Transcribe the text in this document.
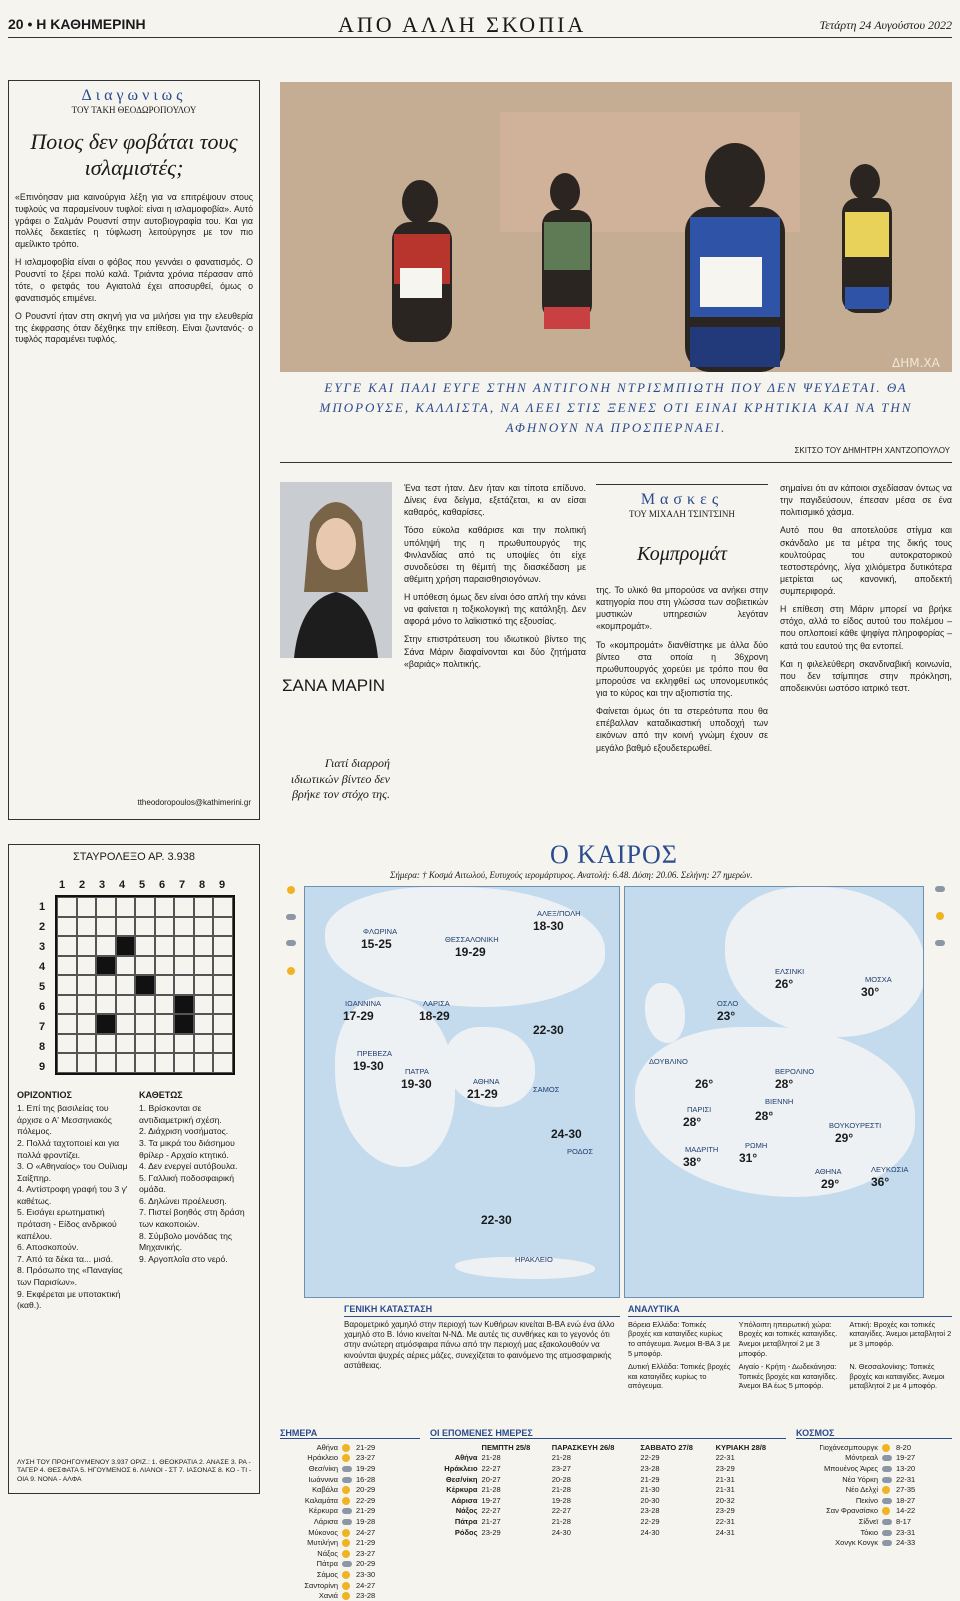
20 • Η ΚΑΘΗΜΕΡΙΝΗ	ΑΠΟ ΑΛΛΗ ΣΚΟΠΙΑ	Τετάρτη 24 Αυγούστου 2022
Διαγωνιως
ΤΟΥ ΤΑΚΗ ΘΕΟΔΩΡΟΠΟΥΛΟΥ
Ποιος δεν φοβάται τους ισλαμιστές;

«Επινόησαν μια καινούργια λέξη για να επιτρέψουν στους τυφλούς να παραμείνουν τυφλοί: είναι η ισλαμοφοβία». Αυτό γράφει ο Σαλμάν Ρουσντί στην αυτοβιογραφία του. Και για πολλές δεκαετίες η τύφλωση λειτούργησε με τον πιο αμείλικτο τρόπο.

Η ισλαμοφοβία είναι ο φόβος που γεννάει ο φανατισμός. Ο Ρουσντί το ξέρει πολύ καλά. Τριάντα χρόνια πέρασαν από τότε, ο φετφάς του Αγιατολά έχει αποσυρθεί, όμως ο φανατισμός επιμένει.

Ο Ρουσντί ήταν στη σκηνή για να μιλήσει για την ελευθερία της έκφρασης όταν δέχθηκε την επίθεση. Είναι ζωντανός· ο τυφλός παραμένει τυφλός.

ttheodoropoulos@kathimerini.gr
ΔΗΜ.ΧΑ
ΕΥΓΕ ΚΑΙ ΠΑΛΙ ΕΥΓΕ ΣΤΗΝ ΑΝΤΙΓΟΝΗ ΝΤΡΙΣΜΠΙΩΤΗ ΠΟΥ ΔΕΝ ΨΕΥΔΕΤΑΙ. ΘΑ ΜΠΟΡΟΥΣΕ, ΚΑΛΛΙΣΤΑ, ΝΑ ΛΕΕΙ ΣΤΙΣ ΞΕΝΕΣ ΟΤΙ ΕΙΝΑΙ ΚΡΗΤΙΚΙΑ ΚΑΙ ΝΑ ΤΗΝ ΑΦΗΝΟΥΝ ΝΑ ΠΡΟΣΠΕΡΝΑΕΙ.
ΣΚΙΤΣΟ ΤΟΥ ΔΗΜΗΤΡΗ ΧΑΝΤΖΟΠΟΥΛΟΥ
ΣΑΝΑ ΜΑΡΙΝ
Γιατί διαρροή ιδιωτικών βίντεο δεν βρήκε τον στόχο της.

Ένα τεστ ήταν. Δεν ήταν και τίποτα επίδυνο. Δίνεις ένα δείγμα, εξετάζεται, κι αν είσαι καθαρός, καθαρίσες.

Τόσο εύκολα καθάρισε και την πολιτική υπόληψή της η πρωθυπουργός της Φινλανδίας από τις υποψίες ότι είχε συνοδεύσει τη θέμιτή της διασκέδαση με αθέμιτη χρήση παραισθησιογόνων.

Η υπόθεση όμως δεν είναι όσο απλή την κάνει να φαίνεται η τοξικολογική της κατάληξη. Δεν αφορά μόνο το λαϊκιστικό της εξουσίας.

Στην επιστράτευση του ιδιωτικού βίντεο της Σάνα Μάριν διαφαίνονται και δύο ζητήματα «βαριάς» πολιτικής.

Μασκες
ΤΟΥ ΜΙΧΑΛΗ ΤΣΙΝΤΣΙΝΗ
Κομπρομάτ

της. Το υλικό θα μπορούσε να ανήκει στην κατηγορία που στη γλώσσα των σοβιετικών μυστικών υπηρεσιών λεγόταν «κομπρομάτ».

Το «κομπρομάτ» διανθίστηκε με άλλα δύο βίντεο στα οποία η 36χρονη πρωθυπουργός χορεύει με τρόπο που θα μπορούσε να εκληφθεί ως υπονομευτικός για το κύρος και την αξιοπιστία της.

Φαίνεται όμως ότι τα στερεότυπα που θα επέβαλλαν καταδικαστική υποδοχή των εικόνων από την κοινή γνώμη έχουν σε μεγάλο βαθμό εξουδετερωθεί.

σημαίνει ότι αν κάποιοι σχεδίασαν όντως να την παγιδεύσουν, έπεσαν μέσα σε ένα πολιτισμικό χάσμα.

Αυτό που θα αποτελούσε στίγμα και σκάνδαλο με τα μέτρα της δικής τους κουλτούρας του αυτοκρατορικού τεστοστερόνης, λίγα χιλιόμετρα δυτικότερα μετρίεται ως κανονική, αποδεκτή συμπεριφορά.

Η επίθεση στη Μάριν μπορεί να βρήκε στόχο, αλλά το είδος αυτού του πολέμου – που οπλοποιεί κάθε ψηφίγα πληροφορίας – κατά του εαυτού της θα εντοπεί.

Και η φιλελεύθερη σκανδιναβική κοινωνία, που δεν τσίμπησε στην πρόκληση, αποδεικνύει ωστόσο ιατρικό τεστ.

ΣΤΑΥΡΟΛΕΞΟ ΑΡ. 3.938
1 2 3 4 5 6 7 8 9
1
2
3
4
5
6
7
8
9
ΟΡΙΖΟΝΤΙΟΣ
1. Επί της βασιλείας του άρχισε ο Α' Μεσσηνιακός πόλεμος.
2. Πολλά ταχτοποιεί και για πολλά φροντίζει.
3. Ο «Αθηναίος» του Ουίλιαμ Σαίξπηρ.
4. Αντίστροφη γραφή του 3 γ' καθέτως.
5. Εισάγει ερωτηματική πρόταση - Είδος ανδρικού καπέλου.
6. Αποσκοπούν.
7. Από τα δέκα τα... μισά.
8. Πρόσωπο της «Παναγίας των Παρισίων».
9. Εκφέρεται με υποτακτική (καθ.).
ΚΑΘΕΤΩΣ
1. Βρίσκονται σε αντιδιαμετρική σχέση.
2. Διάχριση νοσήματος.
3. Τα μικρά του διάσημου θρίλερ - Αρχαίο κτητικό.
4. Δεν ενεργεί αυτόβουλα.
5. Γαλλική ποδοσφαιρική ομάδα.
6. Δηλώνει προέλευση.
7. Πιστεί βοηθός στη δράση των κακοποιών.
8. Σύμβολο μονάδας της Μηχανικής.
9. Αργοπλοΐα στο νερό.
ΛΥΣΗ ΤΟΥ ΠΡΟΗΓΟΥΜΕΝΟΥ 3.937 ΟΡΙΖ.: 1. ΘΕΟΚΡΑΤΙΑ 2. ΑΝΑΣΕ 3. ΡΑ - ΤΑΓΕΡ 4. ΘΕΣΦΑΤΑ 5. ΗΓΟΥΜΕΝΟΣ 6. ΛΙΑΝΟΙ - ΣΤ 7. ΙΑΣΟΝΑΣ 8. ΚΟ - ΤΙ - ΟΙΑ 9. ΝΟΝΑ - ΑΛΦΑ
Ο ΚΑΙΡΟΣ
Σήμερα: † Κοσμά Αιτωλού, Ευτυχούς ιερομάρτυρος. Ανατολή: 6.48. Δύση: 20.06. Σελήνη: 27 ημερών.
ΦΛΩΡΙΝΑ
15-25	ΘΕΣΣΑΛΟΝΙΚΗ
19-29
ΑΛΕΞ/ΠΟΛΗ
18-30
ΙΩΑΝΝΙΝΑ
17-29
ΛΑΡΙΣΑ
18-29
ΠΡΕΒΕΖΑ
19-30	ΠΑΤΡΑ
19-30	ΑΘΗΝΑ
21-29
ΡΟΔΟΣ
24-30
ΗΡΑΚΛΕΙΟ
22-30
ΣΑΜΟΣ
22-30
ΕΛΣΙΝΚΙ
26°	ΜΟΣΧΑ
30°
ΟΣΛΟ
23°
ΔΟΥΒΛΙΝΟ
26°
ΠΑΡΙΣΙ
28°
ΒΙΕΝΝΗ
28°
ΒΕΡΟΛΙΝΟ
28°
ΒΟΥΚΟΥΡΕΣΤΙ
29°
ΜΑΔΡΙΤΗ
38°
ΡΩΜΗ
31°
ΑΘΗΝΑ
29°
ΛΕΥΚΩΣΙΑ
36°
ΓΕΝΙΚΗ ΚΑΤΑΣΤΑΣΗ
Βαρομετρικό χαμηλό στην περιοχή των Κυθήρων κινείται Β-ΒΑ ενώ ένα άλλο χαμηλό στο Β. Ιόνιο κινείται Ν-ΝΔ. Με αυτές τις συνθήκες και το γεγονός ότι στην ανώτερη ατμόσφαιρα πάνω από την περιοχή μας εξακολουθούν να κινούνται ψυχρές αέριες μάζες, συνεχίζεται το φαινόμενο της ατμοσφαιρικής αστάθειας.
ΑΝΑΛΥΤΙΚΑ
Βόρεια Ελλάδα: Τοπικές βροχές και καταιγίδες κυρίως το απόγευμα. Άνεμοι Β-ΒΑ 3 με 5 μποφόρ.
Υπόλοιπη ηπειρωτική χώρα: Βροχές και τοπικές καταιγίδες. Άνεμοι μεταβλητοί 2 με 3 μποφόρ.
Αττική: Βροχές και τοπικές καταιγίδες. Άνεμοι μεταβλητοί 2 με 3 μποφόρ.
Δυτική Ελλάδα: Τοπικές βροχές και καταιγίδες κυρίως το απόγευμα.
Αιγαίο - Κρήτη - Δωδεκάνησα: Τοπικές βροχές και καταιγίδες. Άνεμοι ΒΑ έως 5 μποφόρ.
Ν. Θεσσαλονίκης: Τοπικές βροχές και καταιγίδες. Άνεμοι μεταβλητοί 2 με 4 μποφόρ.
ΣΗΜΕΡΑ
Αθήνα		21-29
Ηράκλειο		23-27
Θεσ/νίκη		19-29
Ιωάννινα		16-28
Καβάλα		20-29
Καλαμάτα		22-29
Κέρκυρα		21-29
Λάρισα		19-28
Μύκονος		24-27
Μυτιλήνη		21-29
Νάξος		23-27
Πάτρα		20-29
Σάμος		23-30
Σαντορίνη		24-27
Χανιά		23-28
ΟΙ ΕΠΟΜΕΝΕΣ ΗΜΕΡΕΣ
	ΠΕΜΠΤΗ 25/8	ΠΑΡΑΣΚΕΥΗ 26/8	ΣΑΒΒΑΤΟ 27/8	ΚΥΡΙΑΚΗ 28/8
Αθήνα	21-28	21-28	22-29	22-31
Ηράκλειο	22-27	23-27	23-28	23-29
Θεσ/νίκη	20-27	20-28	21-29	21-31
Κέρκυρα	21-28	21-28	21-30	21-31
Λάρισα	19-27	19-28	20-30	20-32
Νάξος	22-27	22-27	23-28	23-29
Πάτρα	21-27	21-28	22-29	22-31
Ρόδος	23-29	24-30	24-30	24-31
ΚΟΣΜΟΣ
Γιοχάνεσμπουργκ		8-20
Μόντρεαλ		19-27
Μπουένος Άιρες		13-20
Νέα Υόρκη		22-31
Νέο Δελχί		27-35
Πεκίνο		18-27
Σαν Φρανσίσκο		14-22
Σίδνεϊ		8-17
Τόκιο		23-31
Χονγκ Κονγκ		24-33
